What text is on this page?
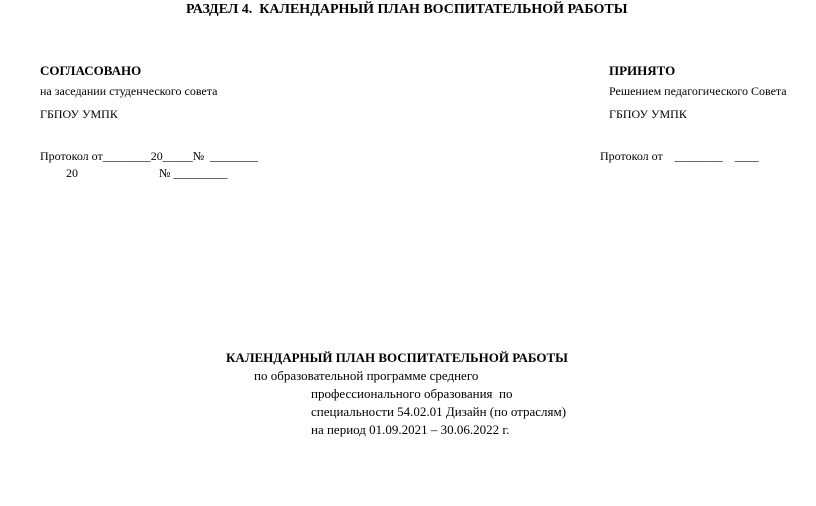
РАЗДЕЛ 4.  КАЛЕНДАРНЫЙ ПЛАН ВОСПИТАТЕЛЬНОЙ РАБОТЫ
СОГЛАСОВАНО
на заседании студенческого совета
ГБПОУ УМПК
Протокол от________20_____№  ________
20	№ _________
ПРИНЯТО
Решением педагогического Совета
ГБПОУ УМПК
Протокол от    ________    ____
КАЛЕНДАРНЫЙ ПЛАН ВОСПИТАТЕЛЬНОЙ РАБОТЫ
по образовательной программе среднего
профессионального образования  по
специальности 54.02.01 Дизайн (по отраслям)
на период 01.09.2021 – 30.06.2022 г.
